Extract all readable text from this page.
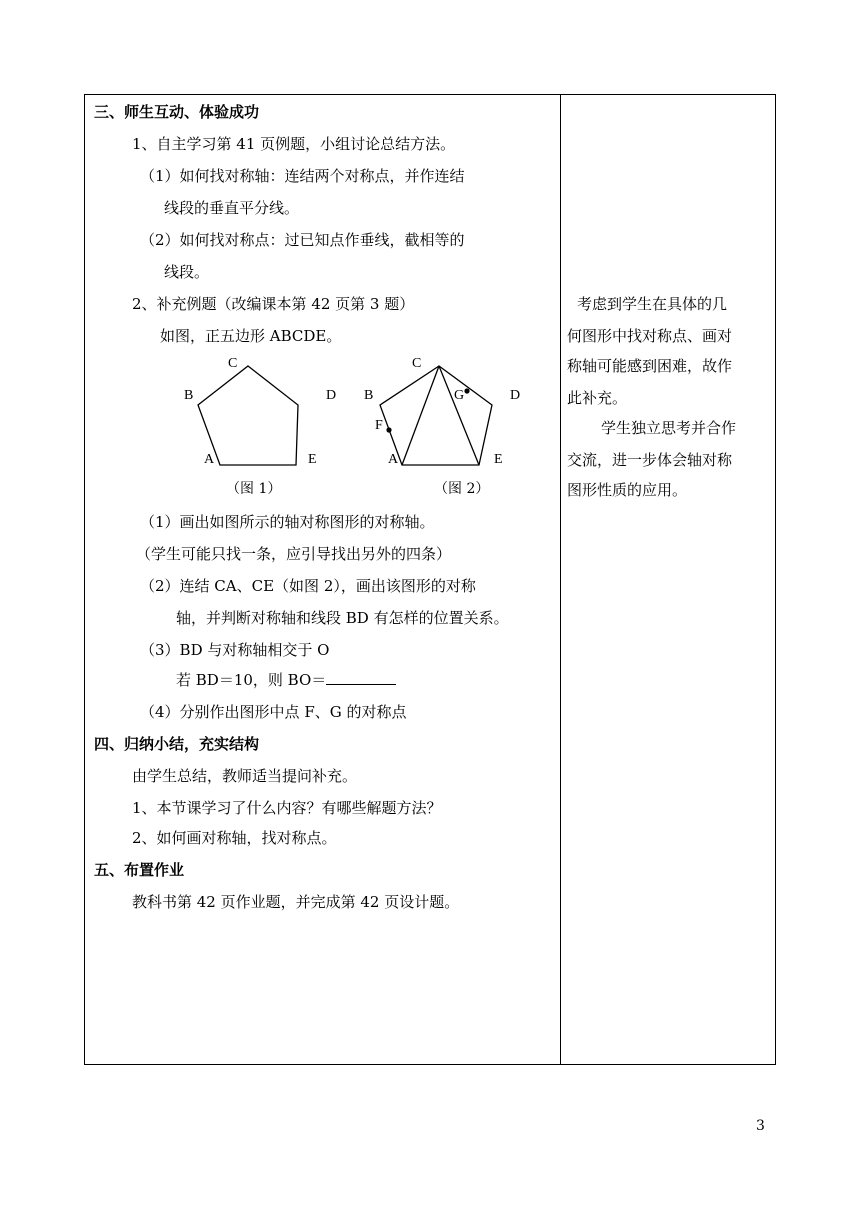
三、师生互动、体验成功
1、自主学习第 41 页例题，小组讨论总结方法。
（1）如何找对称轴：连结两个对称点，并作连结
线段的垂直平分线。
（2）如何找对称点：过已知点作垂线，截相等的
线段。
2、补充例题（改编课本第 42 页第 3 题）
如图，正五边形 ABCDE。
C
B	D
A	E
（图 1）
C
B	G	D
F
A	E
（图 2）
（1）画出如图所示的轴对称图形的对称轴。
（学生可能只找一条，应引导找出另外的四条）
（2）连结 CA、CE（如图 2），画出该图形的对称
轴，并判断对称轴和线段 BD 有怎样的位置关系。
（3）BD 与对称轴相交于 O
若 BD＝10，则 BO＝
（4）分别作出图形中点 F、G 的对称点
四、归纳小结，充实结构
由学生总结，教师适当提问补充。
1、本节课学习了什么内容？有哪些解题方法？
2、如何画对称轴，找对称点。
五、布置作业
教科书第 42 页作业题，并完成第 42 页设计题。
考虑到学生在具体的几
何图形中找对称点、画对
称轴可能感到困难，故作
此补充。
学生独立思考并合作
交流，进一步体会轴对称
图形性质的应用。
3
